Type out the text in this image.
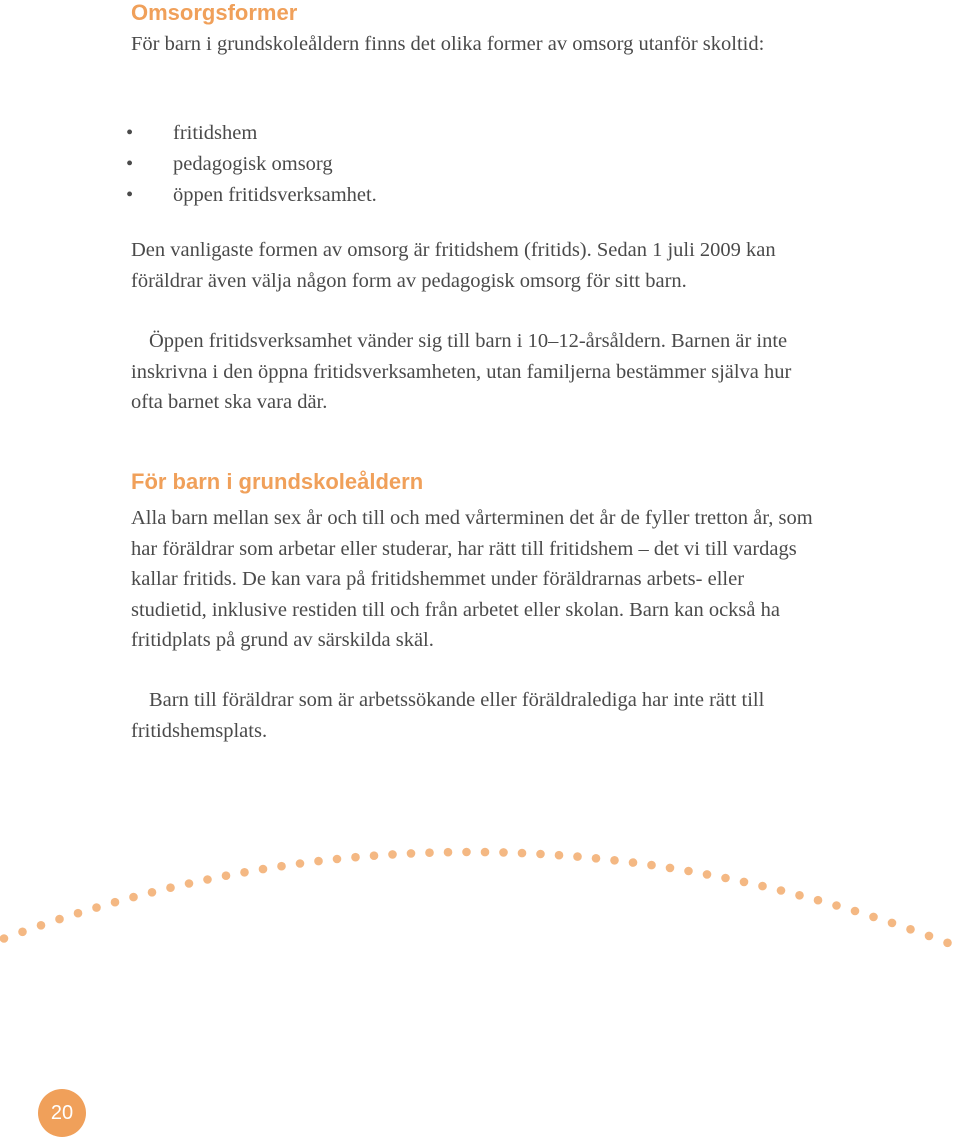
Omsorgsformer

För barn i grundskoleåldern finns det olika former av omsorg utanför skoltid:

• fritidshem
• pedagogisk omsorg
• öppen fritidsverksamhet.

Den vanligaste formen av omsorg är fritidshem (fritids). Sedan 1 juli 2009 kan föräldrar även välja någon form av pedagogisk omsorg för sitt barn.

Öppen fritidsverksamhet vänder sig till barn i 10–12-årsåldern. Barnen är inte inskrivna i den öppna fritidsverksamheten, utan familjerna bestämmer själva hur ofta barnet ska vara där.

För barn i grundskoleåldern

Alla barn mellan sex år och till och med vårterminen det år de fyller tretton år, som har föräldrar som arbetar eller studerar, har rätt till fritidshem – det vi till vardags kallar fritids. De kan vara på fritidshemmet under föräldrarnas arbets- eller studietid, inklusive restiden till och från arbetet eller skolan. Barn kan också ha fritidplats på grund av särskilda skäl.

Barn till föräldrar som är arbetssökande eller föräldralediga har inte rätt till fritidshemsplats.

20
